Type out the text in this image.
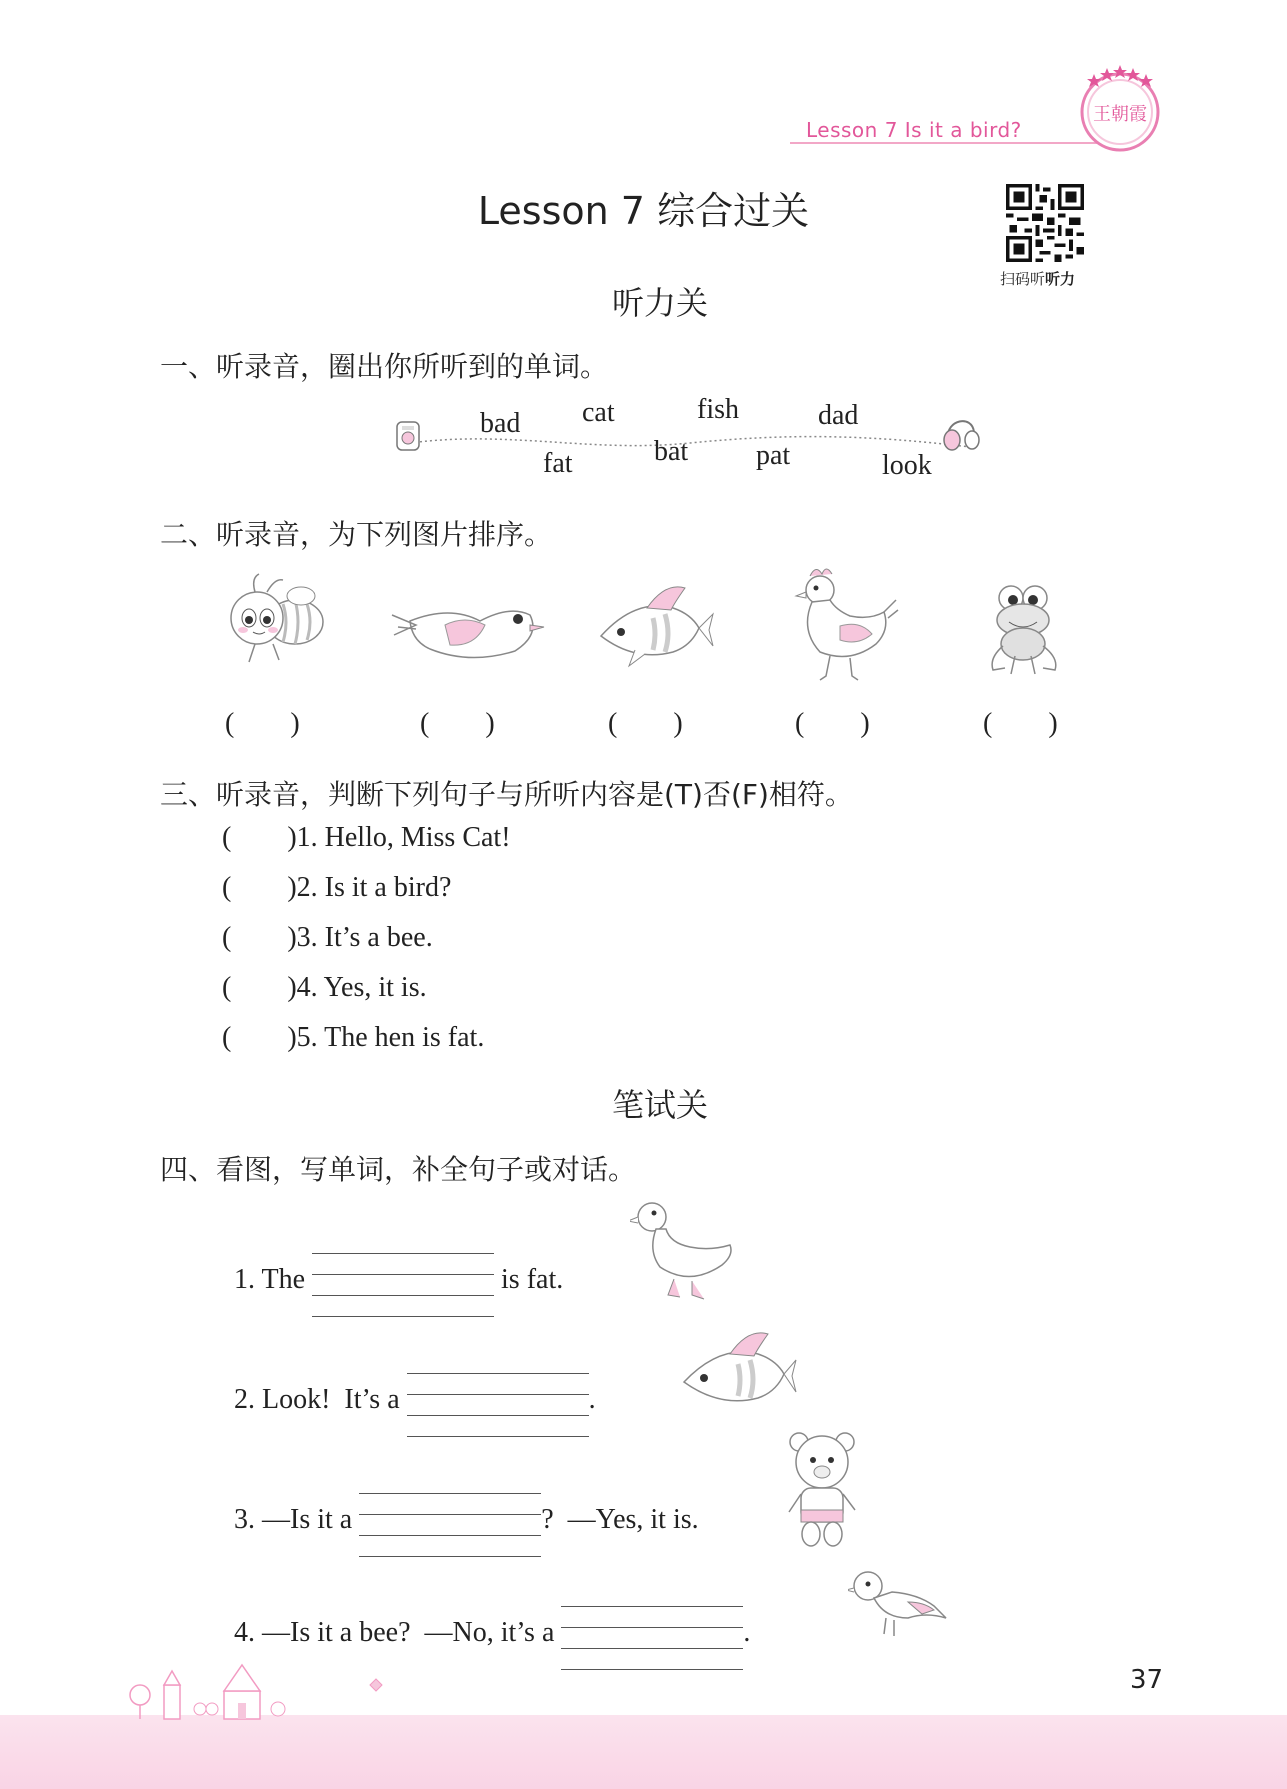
Lesson 7 Is it a bird?
王朝霞
Lesson 7 综合过关
扫码听听力
听力关
一、听录音，圈出你所听到的单词。
bad cat	fish	dad
fat	bat pat	look
二、听录音，为下列图片排序。
(        )	(        )	(        )	(        )	(        )
三、听录音，判断下列句子与所听内容是(T)否(F)相符。
(        )1. Hello, Miss Cat!
(        )2. Is it a bird?
(        )3. It’s a bee.
(        )4. Yes, it is.
(        )5. The hen is fat.
笔试关
四、看图，写单词，补全句子或对话。

1. The	is fat.

2. Look!  It’s a	.

3. —Is it a	?  —Yes, it is.

4. —Is it a bee?  —No, it’s a	.

37
